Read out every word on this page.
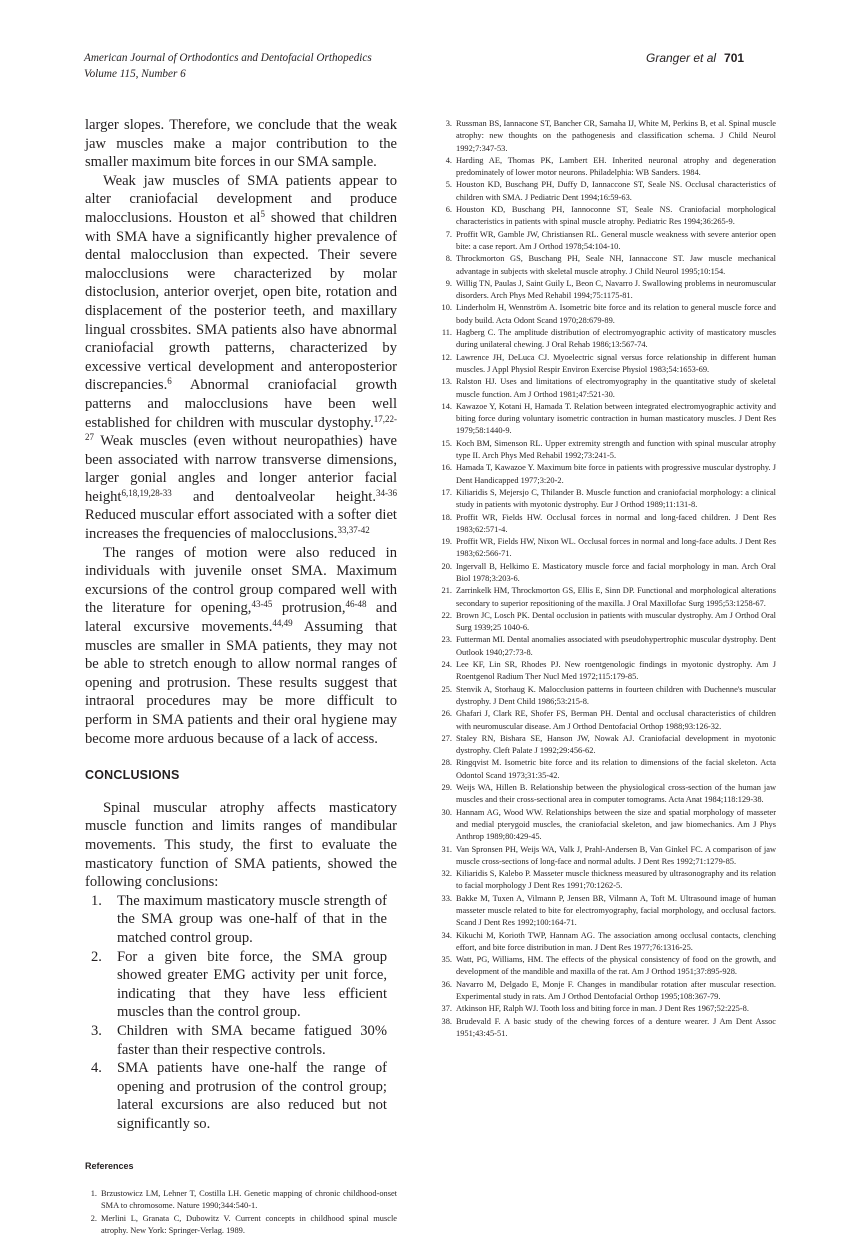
American Journal of Orthodontics and Dentofacial Orthopedics
Volume 115, Number 6
Granger et al 701

larger slopes. Therefore, we conclude that the weak jaw muscles make a major contribution to the smaller maximum bite forces in our SMA sample.

Weak jaw muscles of SMA patients appear to alter craniofacial development and produce malocclusions. Houston et $al^5$ showed that children with SMA have a significantly higher prevalence of dental malocclusion than expected. Their severe malocclusions were characterized by molar distoclusion, anterior overjet, open bite, rotation and displacement of the posterior teeth, and maxillary lingual crossbites. SMA patients also have abnormal craniofacial growth patterns, characterized by excessive vertical development and anteroposterior discrepancies.$^6$ Abnormal craniofacial growth patterns and malocclusions have been well established for children with muscular dystophy.$^{17,22-27}$ Weak muscles (even without neuropathies) have been associated with narrow transverse dimensions, larger gonial angles and longer anterior facial height$^{6,18,19,28-33}$ and dentoalveolar height.$^{34-36}$ Reduced muscular effort associated with a softer diet increases the frequencies of malocclusions.$^{33,37-42}$

The ranges of motion were also reduced in individuals with juvenile onset SMA. Maximum excursions of the control group compared well with the literature for opening,$^{43-45}$ protrusion,$^{46-48}$ and lateral excursive movements.$^{44,49}$ Assuming that muscles are smaller in SMA patients, they may not be able to stretch enough to allow normal ranges of opening and protrusion. These results suggest that intraoral procedures may be more difficult to perform in SMA patients and their oral hygiene may become more arduous because of a lack of access.

CONCLUSIONS

Spinal muscular atrophy affects masticatory muscle function and limits ranges of mandibular movements. This study, the first to evaluate the masticatory function of SMA patients, showed the following conclusions:

1. The maximum masticatory muscle strength of the SMA group was one-half of that in the matched control group.
2. For a given bite force, the SMA group showed greater EMG activity per unit force, indicating that they have less efficient muscles than the control group.
3. Children with SMA became fatigued 30% faster than their respective controls.
4. SMA patients have one-half the range of opening and protrusion of the control group; lateral excursions are also reduced but not significantly so.
References
1. Brzustowicz LM, Lehner T, Costilla LH. Genetic mapping of chronic childhood-onset SMA to chromosome. Nature 1990;344:540-1.
2. Merlini L, Granata C, Dubowitz V. Current concepts in childhood spinal muscle atrophy. New York: Springer-Verlag. 1989.
3. Russman BS, Iannacone ST, Bancher CR, Samaha IJ, White M, Perkins B, et al. Spinal muscle atrophy: new thoughts on the pathogenesis and classification schema. J Child Neurol 1992;7:347-53.
4. Harding AE, Thomas PK, Lambert EH. Inherited neuronal atrophy and degeneration predominately of lower motor neurons. Philadelphia: WB Sanders. 1984.
5. Houston KD, Buschang PH, Duffy D, Iannaccone ST, Seale NS. Occlusal characteristics of children with SMA. J Pediatric Dent 1994;16:59-63.
6. Houston KD, Buschang PH, Iannoconne ST, Seale NS. Craniofacial morphological characteristics in patients with spinal muscle atrophy. Pediatric Res 1994;36:265-9.
7. Proffit WR, Gamble JW, Christiansen RL. General muscle weakness with severe anterior open bite: a case report. Am J Orthod 1978;54:104-10.
8. Throckmorton GS, Buschang PH, Seale NH, Iannaccone ST. Jaw muscle mechanical advantage in subjects with skeletal muscle atrophy. J Child Neurol 1995;10:154.
9. Willig TN, Paulas J, Saint Guily L, Beon C, Navarro J. Swallowing problems in neuromuscular disorders. Arch Phys Med Rehabil 1994;75:1175-81.
10. Linderholm H, Wennström A. Isometric bite force and its relation to general muscle force and body build. Acta Odont Scand 1970;28:679-89.
11. Hagberg C. The amplitude distribution of electromyographic activity of masticatory muscles during unilateral chewing. J Oral Rehab 1986;13:567-74.
12. Lawrence JH, DeLuca CJ. Myoelectric signal versus force relationship in different human muscles. J Appl Physiol Respir Environ Exercise Physiol 1983;54:1653-69.
13. Ralston HJ. Uses and limitations of electromyography in the quantitative study of skeletal muscle function. Am J Orthod 1981;47:521-30.
14. Kawazoe Y, Kotani H, Hamada T. Relation between integrated electromyographic activity and biting force during voluntary isometric contraction in human masticatory muscles. J Dent Res 1979;58:1440-9.
15. Koch BM, Simenson RL. Upper extremity strength and function with spinal muscular atrophy type II. Arch Phys Med Rehabil 1992;73:241-5.
16. Hamada T, Kawazoe Y. Maximum bite force in patients with progressive muscular dystrophy. J Dent Handicapped 1977;3:20-2.
17. Kiliaridis S, Mejersjo C, Thilander B. Muscle function and craniofacial morphology: a clinical study in patients with myotonic dystrophy. Eur J Orthod 1989;11:131-8.
18. Proffit WR, Fields HW. Occlusal forces in normal and long-faced children. J Dent Res 1983;62:571-4.
19. Proffit WR, Fields HW, Nixon WL. Occlusal forces in normal and long-face adults. J Dent Res 1983;62:566-71.
20. Ingervall B, Helkimo E. Masticatory muscle force and facial morphology in man. Arch Oral Biol 1978;3:203-6.
21. Zarrinkelk HM, Throckmorton GS, Ellis E, Sinn DP. Functional and morphological alterations secondary to superior repositioning of the maxilla. J Oral Maxillofac Surg 1995;53:1258-67.
22. Brown JC, Losch PK. Dental occlusion in patients with muscular dystrophy. Am J Orthod Oral Surg 1939;25 1040-6.
23. Futterman MI. Dental anomalies associated with pseudohypertrophic muscular dystrophy. Dent Outlook 1940;27:73-8.
24. Lee KF, Lin SR, Rhodes PJ. New roentgenologic findings in myotonic dystrophy. Am J Roentgenol Radium Ther Nucl Med 1972;115:179-85.
25. Stenvik A, Storhaug K. Malocclusion patterns in fourteen children with Duchenne's muscular dystrophy. J Dent Child 1986;53:215-8.
26. Ghafari J, Clark RE, Shofer FS, Berman PH. Dental and occlusal characteristics of children with neuromuscular disease. Am J Orthod Dentofacial Orthop 1988;93:126-32.
27. Staley RN, Bishara SE, Hanson JW, Nowak AJ. Craniofacial development in myotonic dystrophy. Cleft Palate J 1992;29:456-62.
28. Ringqvist M. Isometric bite force and its relation to dimensions of the facial skeleton. Acta Odontol Scand 1973;31:35-42.
29. Weijs WA, Hillen B. Relationship between the physiological cross-section of the human jaw muscles and their cross-sectional area in computer tomograms. Acta Anat 1984;118:129-38.
30. Hannam AG, Wood WW. Relationships between the size and spatial morphology of masseter and medial pterygoid muscles, the craniofacial skeleton, and jaw biomechanics. Am J Phys Anthrop 1989;80:429-45.
31. Van Spronsen PH, Weijs WA, Valk J, Prahl-Andersen B, Van Ginkel FC. A comparison of jaw muscle cross-sections of long-face and normal adults. J Dent Res 1992;71:1279-85.
32. Kiliaridis S, Kalebo P. Masseter muscle thickness measured by ultrasonography and its relation to facial morphology J Dent Res 1991;70:1262-5.
33. Bakke M, Tuxen A, Vilmann P, Jensen BR, Vilmann A, Toft M. Ultrasound image of human masseter muscle related to bite for electromyography, facial morphology, and occlusal factors. Scand J Dent Res 1992;100:164-71.
34. Kikuchi M, Korioth TWP, Hannam AG. The association among occlusal contacts, clenching effort, and bite force distribution in man. J Dent Res 1977;76:1316-25.
35. Watt, PG, Williams, HM. The effects of the physical consistency of food on the growth, and development of the mandible and maxilla of the rat. Am J Orthod 1951;37:895-928.
36. Navarro M, Delgado E, Monje F. Changes in mandibular rotation after muscular resection. Experimental study in rats. Am J Orthod Dentofacial Orthop 1995;108:367-79.
37. Atkinson HF, Ralph WJ. Tooth loss and biting force in man. J Dent Res 1967;52:225-8.
38. Brudevald F. A basic study of the chewing forces of a denture wearer. J Am Dent Assoc 1951;43:45-51.
